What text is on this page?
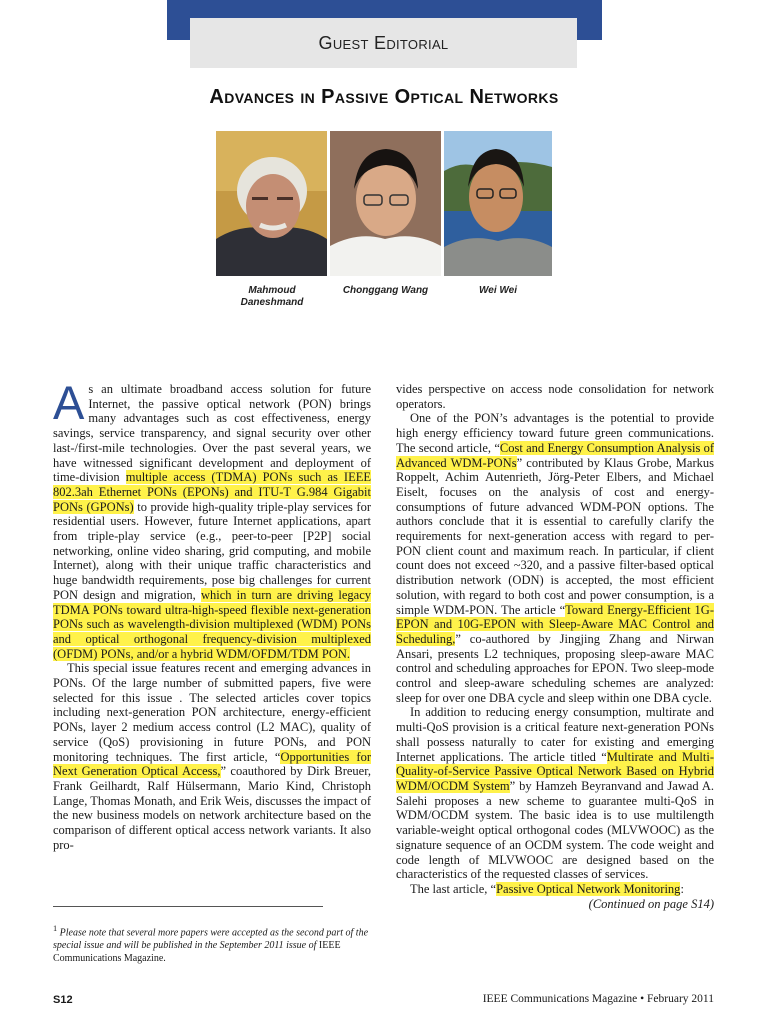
Guest Editorial
Advances in Passive Optical Networks
Mahmoud Daneshmand
Chonggang Wang	Wei Wei

As an ultimate broadband access solution for future Internet, the passive optical network (PON) brings many advantages such as cost effectiveness, energy savings, service transparency, and signal security over other last-/first-mile technologies. Over the past several years, we have witnessed significant development and deployment of time-division multiple access (TDMA) PONs such as IEEE 802.3ah Ethernet PONs (EPONs) and ITU-T G.984 Gigabit PONs (GPONs) to provide high-quality triple-play services for residential users. However, future Internet applications, apart from triple-play service (e.g., peer-to-peer [P2P] social networking, online video sharing, grid computing, and mobile Internet), along with their unique traffic characteristics and huge bandwidth requirements, pose big challenges for current PON design and migration, which in turn are driving legacy TDMA PONs toward ultra-high-speed flexible next-generation PONs such as wavelength-division multiplexed (WDM) PONs and optical orthogonal frequency-division multiplexed (OFDM) PONs, and/or a hybrid WDM/OFDM/TDM PON.

This special issue features recent and emerging advances in PONs. Of the large number of submitted papers, five were selected for this issue . The selected articles cover topics including next-generation PON architecture, energy-efficient PONs, layer 2 medium access control (L2 MAC), quality of service (QoS) provisioning in future PONs, and PON monitoring techniques. The first article, “Opportunities for Next Generation Optical Access,” coauthored by Dirk Breuer, Frank Geilhardt, Ralf Hülsermann, Mario Kind, Christoph Lange, Thomas Monath, and Erik Weis, discusses the impact of the new business models on network architecture based on the comparison of different optical access network variants. It also pro-

$^1$ Please note that several more papers were accepted as the second part of the special issue and will be published in the September 2011 issue of IEEE Communications Magazine.

vides perspective on access node consolidation for network operators.

One of the PON’s advantages is the potential to provide high energy efficiency toward future green communications. The second article, “Cost and Energy Consumption Analysis of Advanced WDM-PONs” contributed by Klaus Grobe, Markus Roppelt, Achim Autenrieth, Jörg-Peter Elbers, and Michael Eiselt, focuses on the analysis of cost and energy-consumptions of future advanced WDM-PON options. The authors conclude that it is essential to carefully clarify the requirements for next-generation access with regard to per-PON client count and maximum reach. In particular, if client count does not exceed ~320, and a passive filter-based optical distribution network (ODN) is accepted, the most efficient solution, with regard to both cost and power consumption, is a simple WDM-PON. The article “Toward Energy-Efficient 1G-EPON and 10G-EPON with Sleep-Aware MAC Control and Scheduling,” co-authored by Jingjing Zhang and Nirwan Ansari, presents L2 techniques, proposing sleep-aware MAC control and scheduling approaches for EPON. Two sleep-mode control and sleep-aware scheduling schemes are analyzed: sleep for over one DBA cycle and sleep within one DBA cycle.

In addition to reducing energy consumption, multirate and multi-QoS provision is a critical feature next-generation PONs shall possess naturally to cater for existing and emerging Internet applications. The article titled “Multirate and Multi-Quality-of-Service Passive Optical Network Based on Hybrid WDM/OCDM System” by Hamzeh Beyranvand and Jawad A. Salehi proposes a new scheme to guarantee multi-QoS in WDM/OCDM system. The basic idea is to use multilength variable-weight optical orthogonal codes (MLVWOOC) as the signature sequence of an OCDM system. The code weight and code length of MLVWOOC are designed based on the characteristics of the requested classes of services.

The last article, “Passive Optical Network Monitoring:

(Continued on page S14)

S12	IEEE Communications Magazine • February 2011
